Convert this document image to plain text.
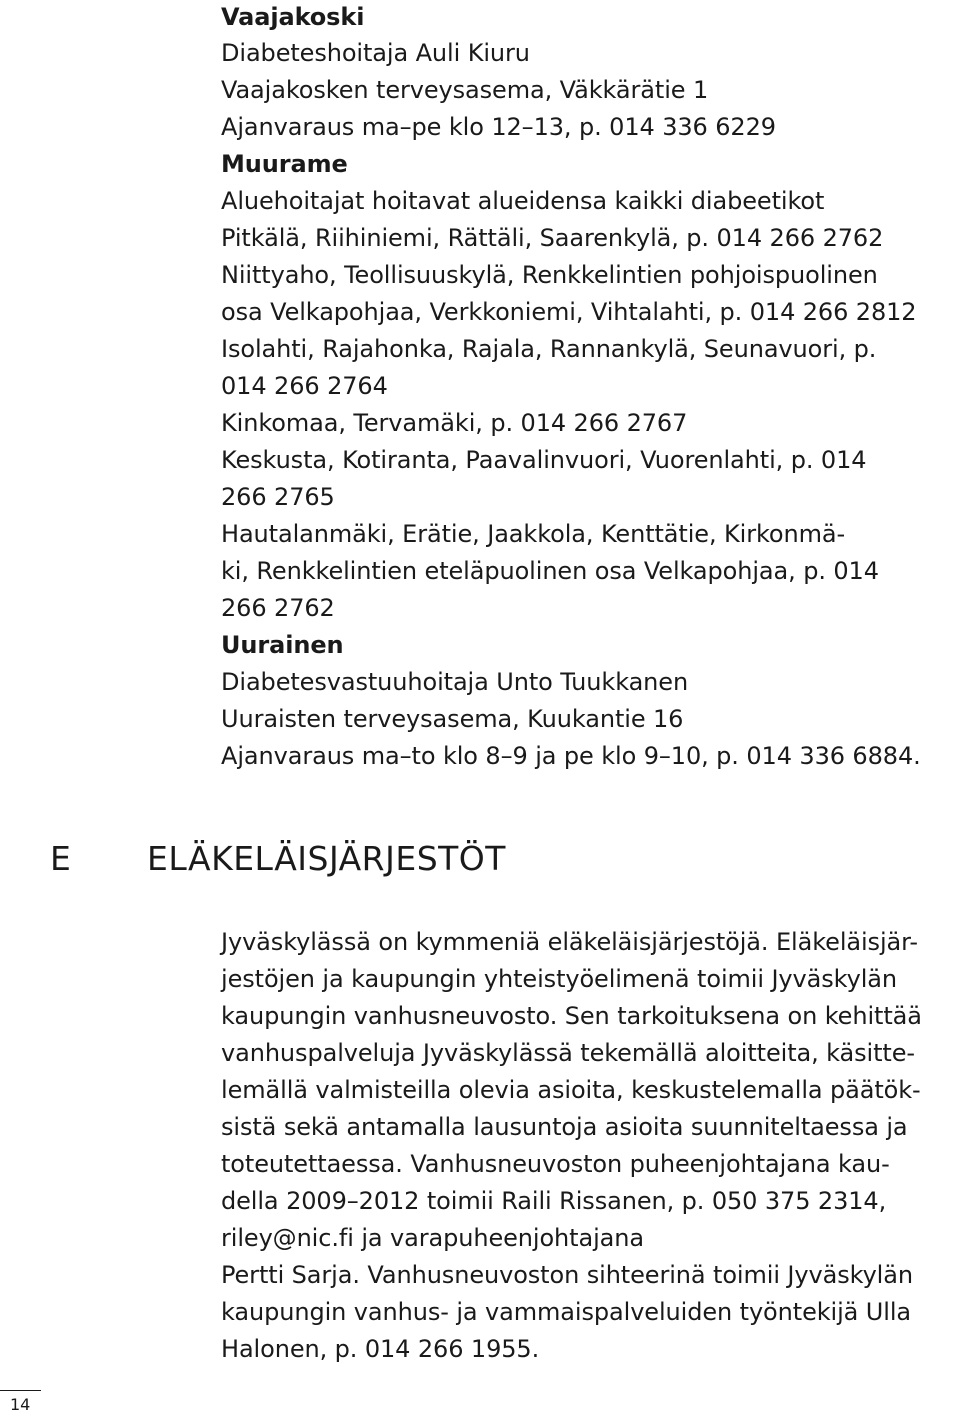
Vaajakoski
Diabeteshoitaja Auli Kiuru
Vaajakosken terveysasema, Väkkärätie 1
Ajanvaraus ma–pe klo 12–13, p. 014 336 6229
Muurame
Aluehoitajat hoitavat alueidensa kaikki diabeetikot
Pitkälä, Riihiniemi, Rättäli, Saarenkylä, p. 014 266 2762
Niittyaho, Teollisuuskylä, Renkkelintien pohjoispuolinen
osa Velkapohjaa, Verkkoniemi, Vihtalahti, p. 014 266 2812
Isolahti, Rajahonka, Rajala, Rannankylä, Seunavuori, p.
014 266 2764
Kinkomaa, Tervamäki, p. 014 266 2767
Keskusta, Kotiranta, Paavalinvuori, Vuorenlahti, p. 014
266 2765
Hautalanmäki, Erätie, Jaakkola, Kenttätie, Kirkonmä-
ki, Renkkelintien eteläpuolinen osa Velkapohjaa, p. 014
266 2762
Uurainen
Diabetesvastuuhoitaja Unto Tuukkanen
Uuraisten terveysasema, Kuukantie 16
Ajanvaraus ma–to klo 8–9 ja pe klo 9–10, p. 014 336 6884.
E ELÄKELÄISJÄRJESTÖT
Jyväskylässä on kymmeniä eläkeläisjärjestöjä. Eläkeläisjär-
jestöjen ja kaupungin yhteistyöelimenä toimii Jyväskylän
kaupungin vanhusneuvosto. Sen tarkoituksena on kehittää
vanhuspalveluja Jyväskylässä tekemällä aloitteita, käsitte-
lemällä valmisteilla olevia asioita, keskustelemalla päätök-
sistä sekä antamalla lausuntoja asioita suunniteltaessa ja
toteutettaessa. Vanhusneuvoston puheenjohtajana kau-
della 2009–2012 toimii Raili Rissanen, p. 050 375 2314,
riley@nic.fi ja varapuheenjohtajana
Pertti Sarja. Vanhusneuvoston sihteerinä toimii Jyväskylän
kaupungin vanhus- ja vammaispalveluiden työntekijä Ulla
Halonen, p. 014 266 1955.
14
